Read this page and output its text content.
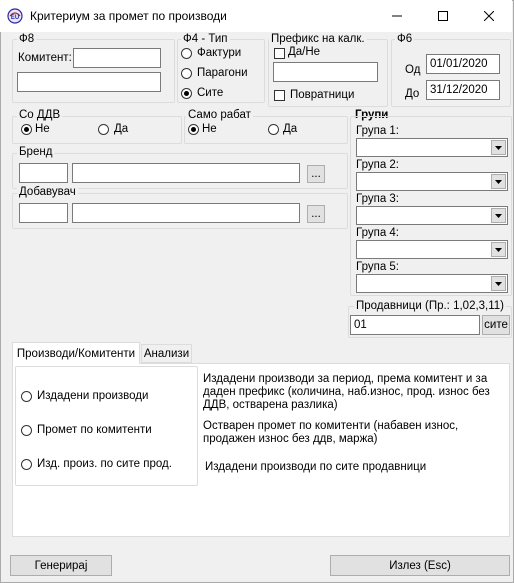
EU Критериум за промет по производи
Ф8
Комитент:
Ф4 - Тип
Фактури
Парагони
Сите
Префикс на калк.
Да/Не
Повратници
Ф6
Од
01/01/2020
До
31/12/2020
Со ДДВ
Не	Да
Само рабат
Не	Да
Бренд
...
Добавувач
...
Групи
Група 1:
Група 2:
Група 3:
Група 4:
Група 5:
Продавници (Пр.: 1,02,3,11)
01
сите
Производи/Комитенти Анализи
Издадени производи
Промет по комитенти
Изд. произ. по сите прод.
Издадени производи за период, према комитент и за даден префикс (количина, наб.износ, прод. износ без ДДВ, остварена разлика)
Остварен промет по комитенти (набавен износ, продажен износ без ддв, маржа)
Издадени производи по сите продавници
Генерирај	Излез (Esc)
